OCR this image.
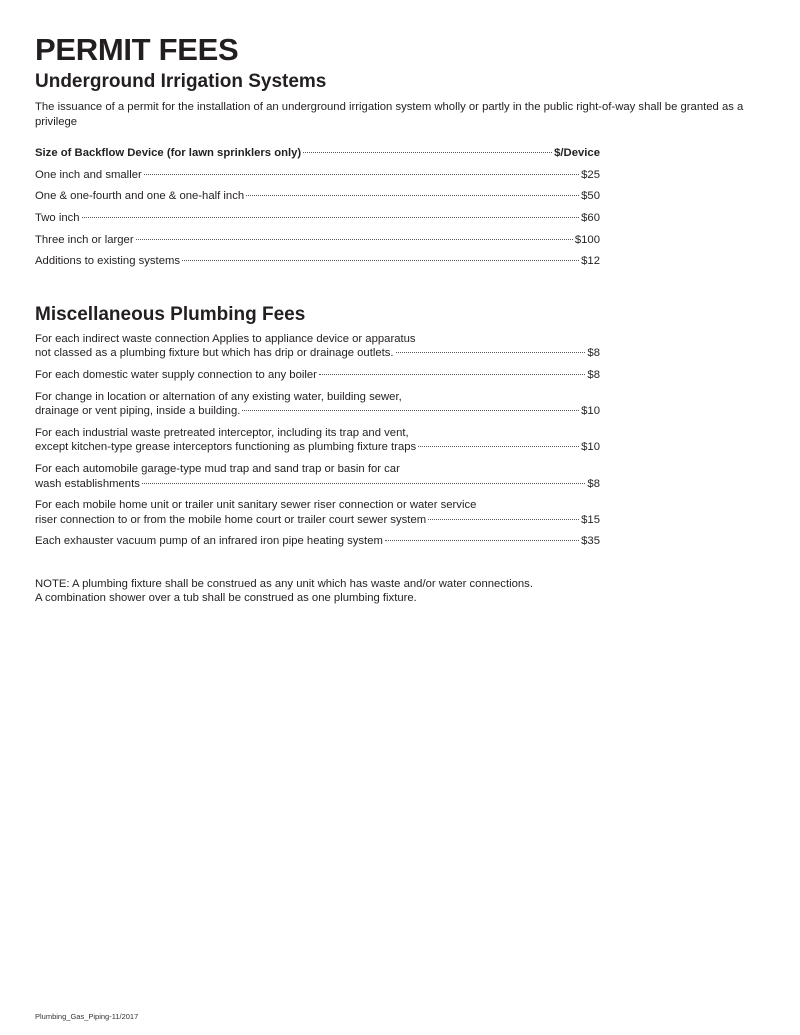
PERMIT FEES
Underground Irrigation Systems
The issuance of a permit for the installation of an underground irrigation system wholly or partly in the public right-of-way shall be granted as a privilege
Size of Backflow Device (for lawn sprinklers only)	$/Device
One inch and smaller	$25
One & one-fourth and one & one-half inch	$50
Two inch	$60
Three inch or larger	$100
Additions to existing systems	$12
Miscellaneous Plumbing Fees
For each indirect waste connection Applies to appliance device or apparatus
not classed as a plumbing fixture but which has drip or drainage outlets.	$8
For each domestic water supply connection to any boiler	$8
For change in location or alternation of any existing water, building sewer,
drainage or vent piping, inside a building.	$10
For each industrial waste pretreated interceptor, including its trap and vent,
except kitchen-type grease interceptors functioning as plumbing fixture traps	$10
For each automobile garage-type mud trap and sand trap or basin for car
wash establishments	$8
For each mobile home unit or trailer unit sanitary sewer riser connection or water service
riser connection to or from the mobile home court or trailer court sewer system	$15
Each exhauster vacuum pump of an infrared iron pipe heating system	$35
NOTE: A plumbing fixture shall be construed as any unit which has waste and/or water connections.
A combination shower over a tub shall be construed as one plumbing fixture.
Plumbing_Gas_Piping-11/2017
